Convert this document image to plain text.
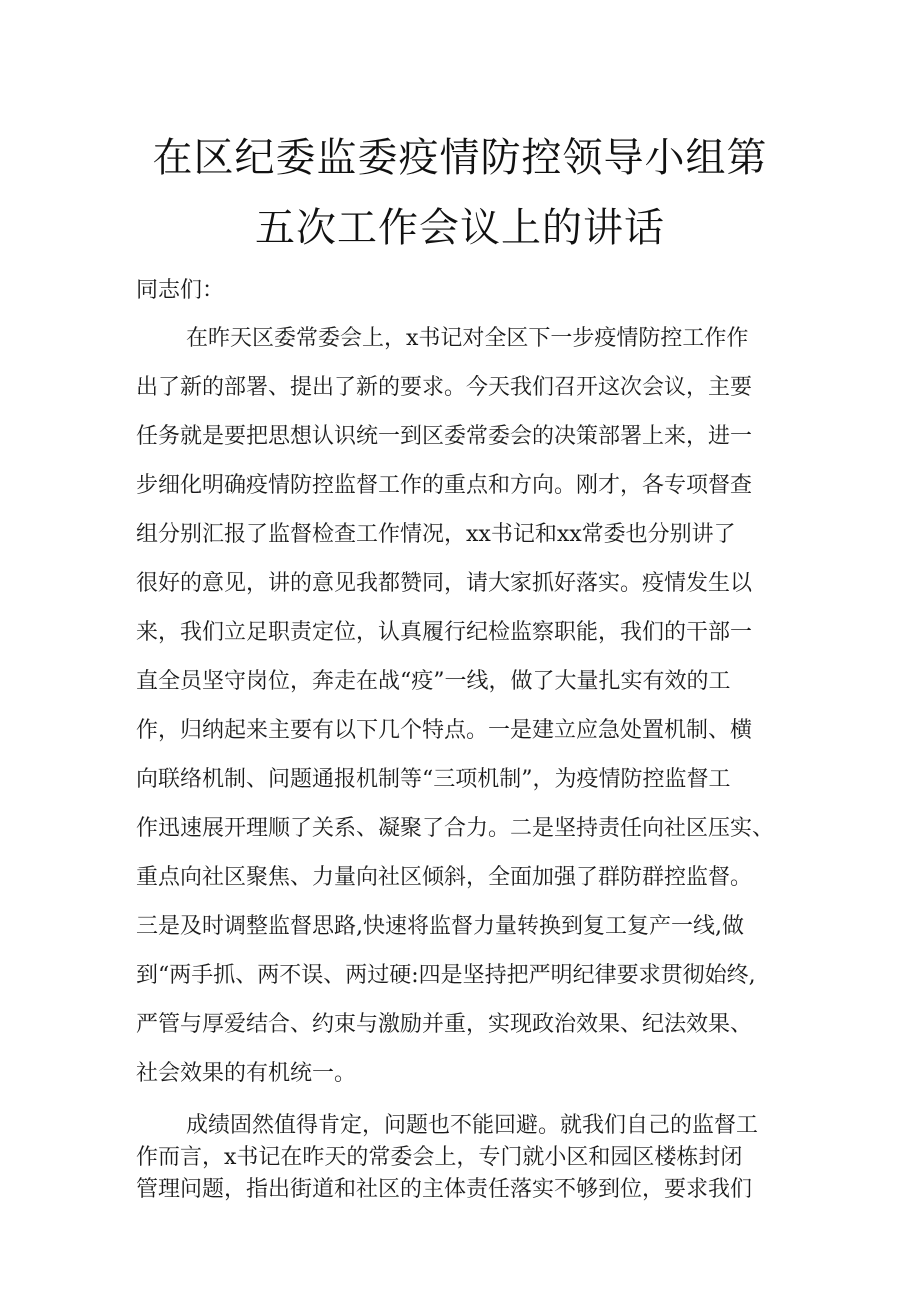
在区纪委监委疫情防控领导小组第
五次工作会议上的讲话
同志们：
在昨天区委常委会上，x书记对全区下一步疫情防控工作作
出了新的部署、提出了新的要求。今天我们召开这次会议，主要
任务就是要把思想认识统一到区委常委会的决策部署上来，进一
步细化明确疫情防控监督工作的重点和方向。刚才，各专项督查
组分别汇报了监督检查工作情况，xx书记和xx常委也分别讲了
很好的意见，讲的意见我都赞同，请大家抓好落实。疫情发生以
来，我们立足职责定位，认真履行纪检监察职能，我们的干部一
直全员坚守岗位，奔走在战“疫”一线，做了大量扎实有效的工
作，归纳起来主要有以下几个特点。一是建立应急处置机制、横
向联络机制、问题通报机制等“三项机制”，为疫情防控监督工
作迅速展开理顺了关系、凝聚了合力。二是坚持责任向社区压实、
重点向社区聚焦、力量向社区倾斜，全面加强了群防群控监督。
三是及时调整监督思路,快速将监督力量转换到复工复产一线,做
到“两手抓、两不误、两过硬:四是坚持把严明纪律要求贯彻始终,
严管与厚爱结合、约束与激励并重，实现政治效果、纪法效果、
社会效果的有机统一。
成绩固然值得肯定，问题也不能回避。就我们自己的监督工
作而言，x书记在昨天的常委会上，专门就小区和园区楼栋封闭
管理问题，指出街道和社区的主体责任落实不够到位，要求我们
